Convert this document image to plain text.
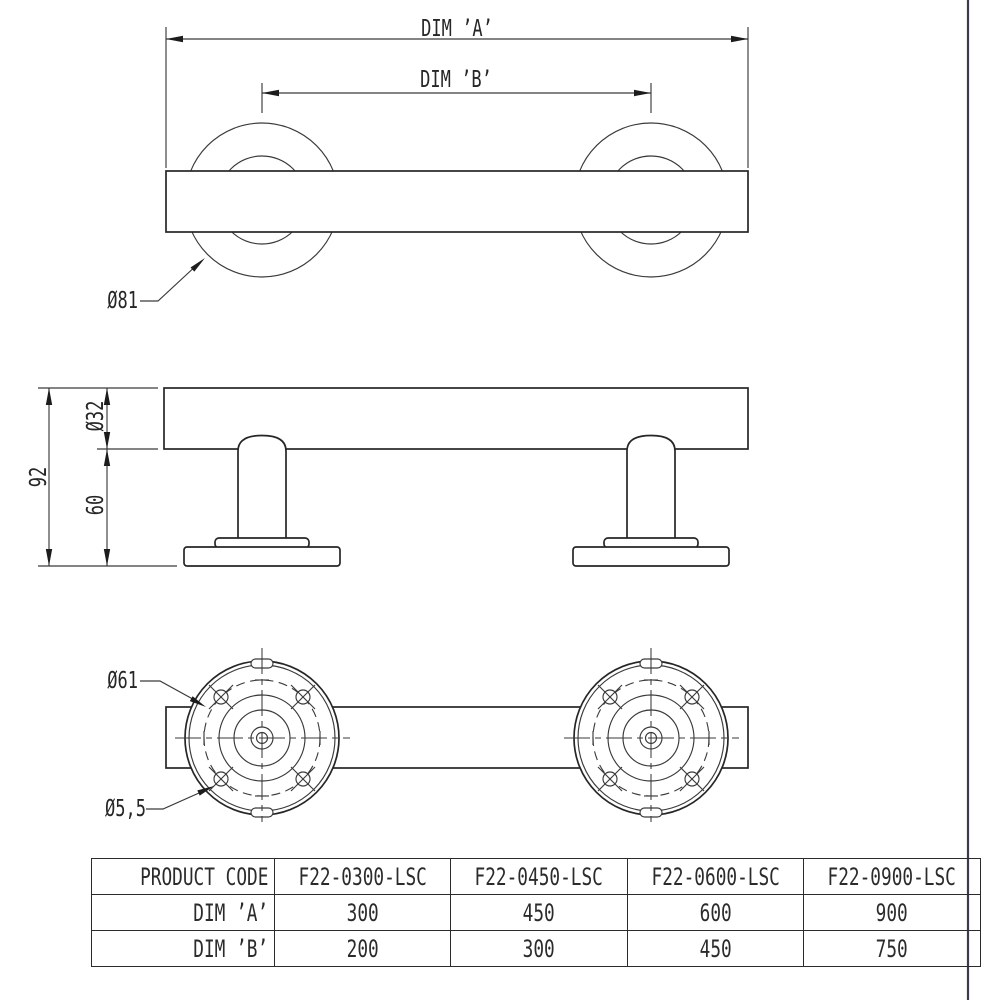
DIM ’A’
DIM ’B’
Ø81
92
Ø32
60
Ø61
Ø5,5
PRODUCT CODE	F22-0300-LSC	F22-0450-LSC	F22-0600-LSC	F22-0900-LSC
DIM ’A’	300	450	600	900
DIM ’B’	200	300	450	750
